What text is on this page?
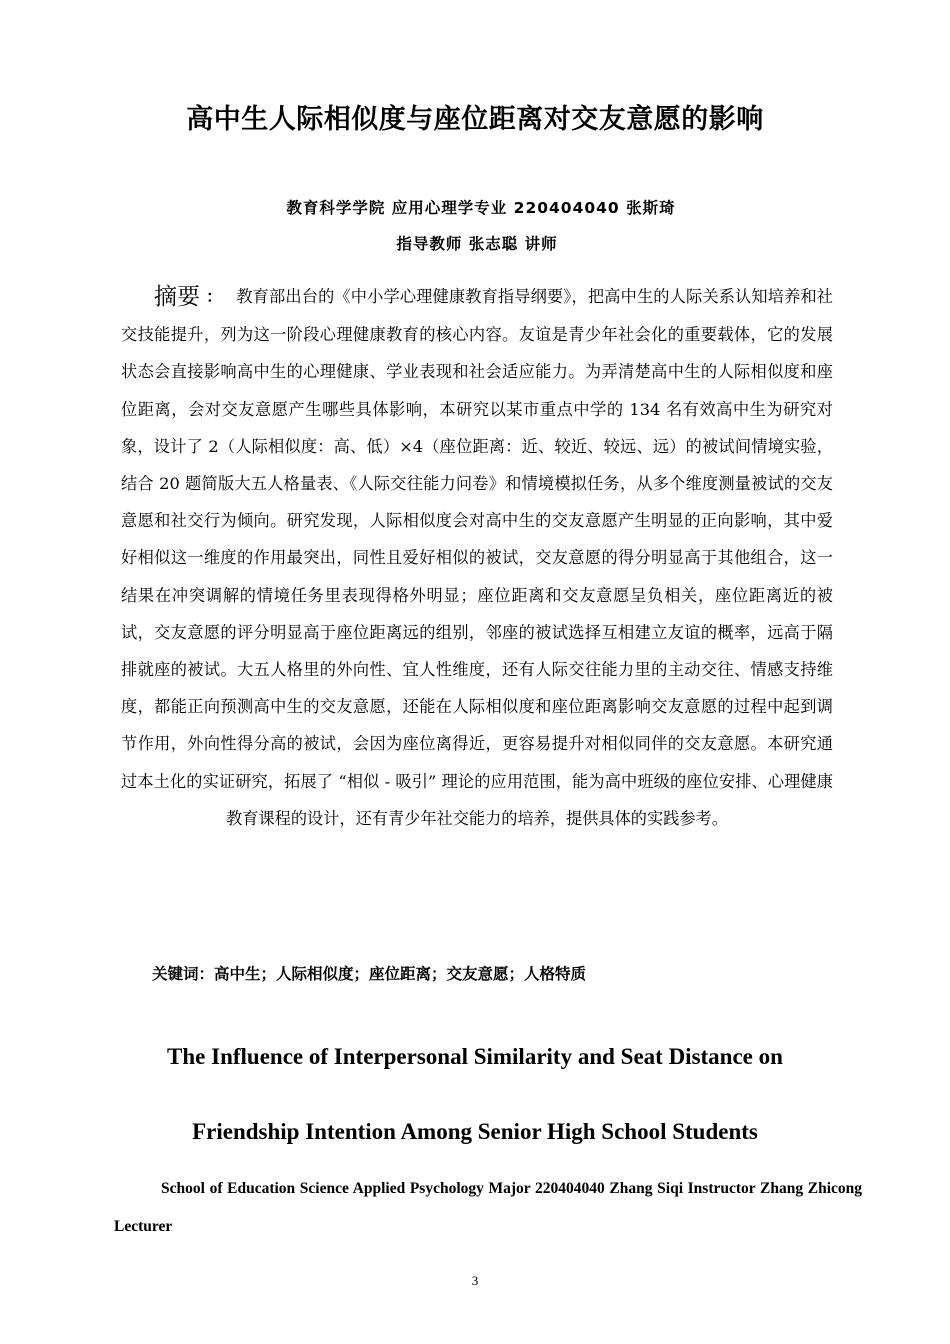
高中生人际相似度与座位距离对交友意愿的影响
教育科学学院 应用心理学专业 220404040 张斯琦
指导教师 张志聪 讲师
摘要 ： 教育部出台的《中小学心理健康教育指导纲要》，把高中生的人际关系认知培养和社交技能提升，列为这一阶段心理健康教育的核心内容。友谊是青少年社会化的重要载体，它的发展状态会直接影响高中生的心理健康、学业表现和社会适应能力。为弄清楚高中生的人际相似度和座位距离，会对交友意愿产生哪些具体影响，本研究以某市重点中学的 134 名有效高中生为研究对象，设计了 2（人际相似度：高、低）×4（座位距离：近、较近、较远、远）的被试间情境实验，结合 20 题简版大五人格量表、《人际交往能力问卷》和情境模拟任务，从多个维度测量被试的交友意愿和社交行为倾向。研究发现，人际相似度会对高中生的交友意愿产生明显的正向影响，其中爱好相似这一维度的作用最突出，同性且爱好相似的被试，交友意愿的得分明显高于其他组合，这一结果在冲突调解的情境任务里表现得格外明显；座位距离和交友意愿呈负相关，座位距离近的被试，交友意愿的评分明显高于座位距离远的组别，邻座的被试选择互相建立友谊的概率，远高于隔排就座的被试。大五人格里的外向性、宜人性维度，还有人际交往能力里的主动交往、情感支持维度，都能正向预测高中生的交友意愿，还能在人际相似度和座位距离影响交友意愿的过程中起到调节作用，外向性得分高的被试，会因为座位离得近，更容易提升对相似同伴的交友意愿。本研究通过本土化的实证研究，拓展了 “相似 - 吸引” 理论的应用范围，能为高中班级的座位安排、心理健康教育课程的设计，还有青少年社交能力的培养，提供具体的实践参考。
关键词：高中生；人际相似度；座位距离；交友意愿；人格特质
The Influence of Interpersonal Similarity and Seat Distance on
Friendship Intention Among Senior High School Students
School of Education Science Applied Psychology Major 220404040 Zhang Siqi Instructor Zhang Zhicong Lecturer
3
